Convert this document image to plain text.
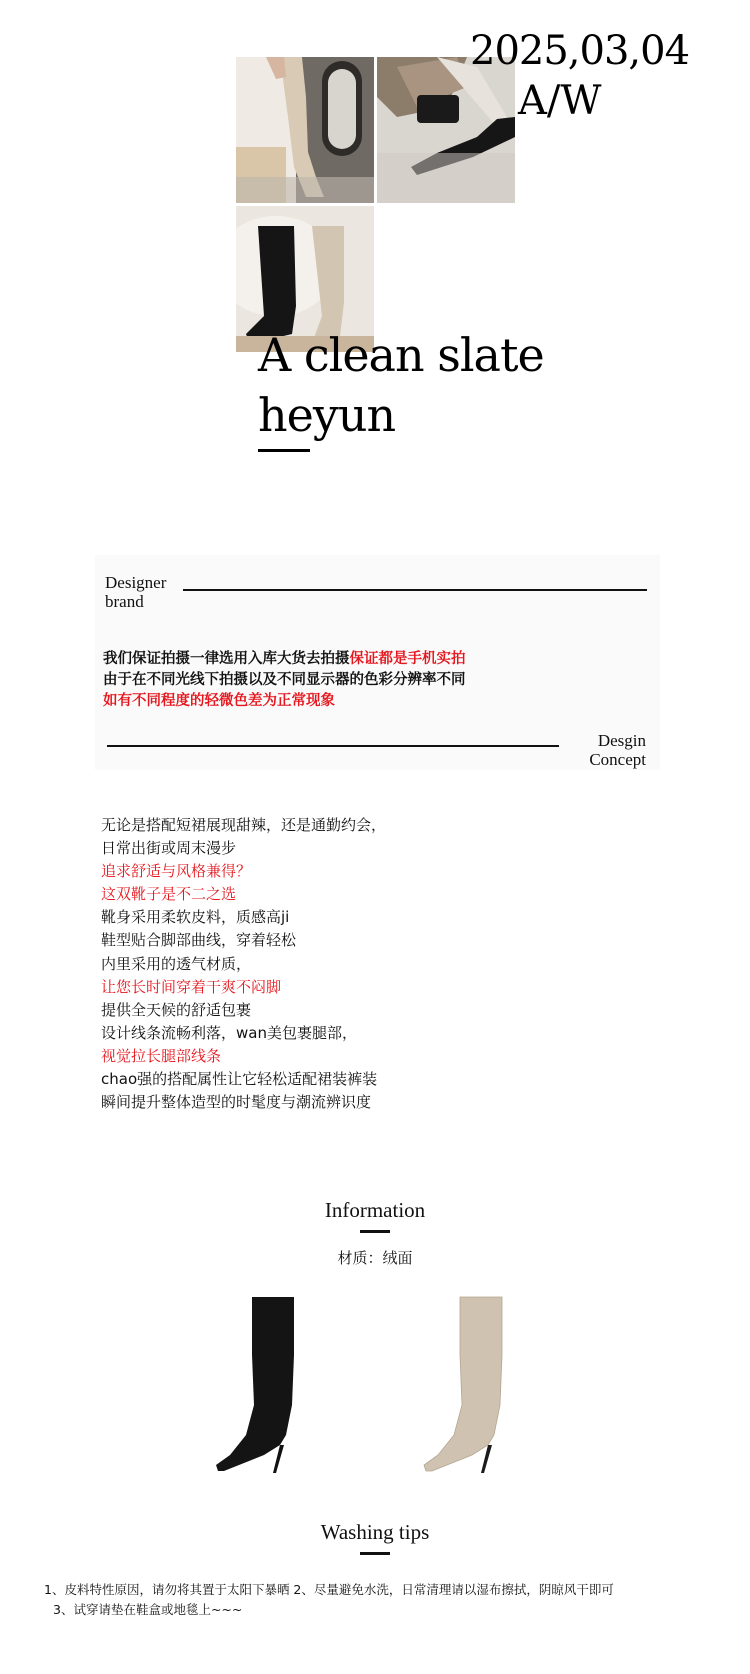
2025,03,04
A/W
A clean slate
heyun
Designer
brand
我们保证拍摄一律选用入库大货去拍摄保证都是手机实拍
由于在不同光线下拍摄以及不同显示器的色彩分辨率不同
如有不同程度的轻微色差为正常现象
Desgin
Concept
无论是搭配短裙展现甜辣，还是通勤约会，
日常出街或周末漫步
追求舒适与风格兼得？
这双靴子是不二之选
靴身采用柔软皮料，质感高ji
鞋型贴合脚部曲线，穿着轻松
内里采用的透气材质，
让您长时间穿着干爽不闷脚
提供全天候的舒适包裹
设计线条流畅利落，wan美包裹腿部，
视觉拉长腿部线条
chao强的搭配属性让它轻松适配裙装裤装
瞬间提升整体造型的时髦度与潮流辨识度
Information
材质：绒面
Washing tips
1、皮料特性原因，请勿将其置于太阳下暴晒 2、尽量避免水洗，日常清理请以湿布擦拭，阴晾风干即可
3、试穿请垫在鞋盒或地毯上~~~
